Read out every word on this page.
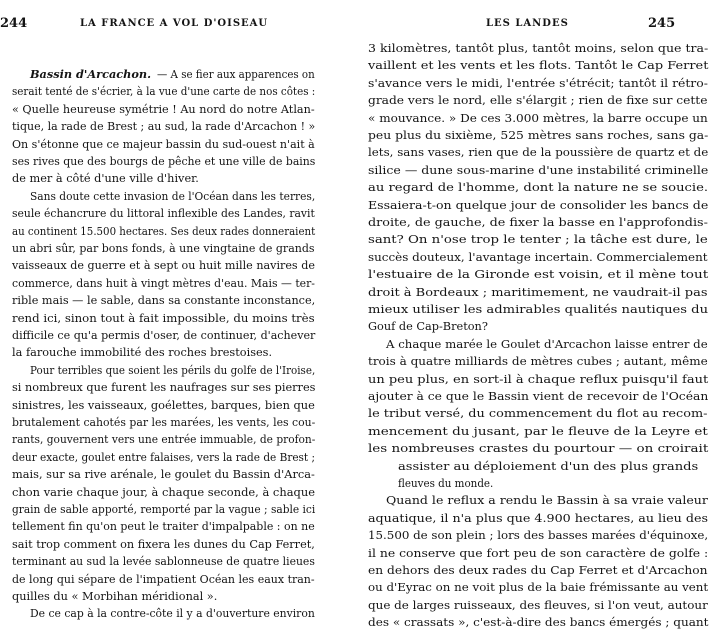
244	LA FRANCE A VOL D'OISEAU
Bassin d'Arcachon. — A se fier aux apparences on
serait tenté de s'écrier, à la vue d'une carte de nos côtes :
« Quelle heureuse symétrie ! Au nord do notre Atlan-
tique, la rade de Brest ; au sud, la rade d'Arcachon ! »
On s'étonne que ce majeur bassin du sud-ouest n'ait à
ses rives que des bourgs de pêche et une ville de bains
de mer à côté d'une ville d'hiver.
Sans doute cette invasion de l'Océan dans les terres,
seule échancrure du littoral inflexible des Landes, ravit
au continent 15.500 hectares. Ses deux rades donneraient
un abri sûr, par bons fonds, à une vingtaine de grands
vaisseaux de guerre et à sept ou huit mille navires de
commerce, dans huit à vingt mètres d'eau. Mais — ter-
rible mais — le sable, dans sa constante inconstance,
rend ici, sinon tout à fait impossible, du moins très
difficile ce qu'a permis d'oser, de continuer, d'achever
la farouche immobilité des roches brestoises.
Pour terribles que soient les périls du golfe de l'Iroise,
si nombreux que furent les naufrages sur ses pierres
sinistres, les vaisseaux, goélettes, barques, bien que
brutalement cahotés par les marées, les vents, les cou-
rants, gouvernent vers une entrée immuable, de profon-
deur exacte, goulet entre falaises, vers la rade de Brest ;
mais, sur sa rive arénale, le goulet du Bassin d'Arca-
chon varie chaque jour, à chaque seconde, à chaque
grain de sable apporté, remporté par la vague ; sable ici
tellement fin qu'on peut le traiter d'impalpable : on ne
sait trop comment on fixera les dunes du Cap Ferret,
terminant au sud la levée sablonneuse de quatre lieues
de long qui sépare de l'impatient Océan les eaux tran-
quilles du « Morbihan méridional ».
De ce cap à la contre-côte il y a d'ouverture environ
LES LANDES	245
3 kilomètres, tantôt plus, tantôt moins, selon que tra-
vaillent et les vents et les flots. Tantôt le Cap Ferret
s'avance vers le midi, l'entrée s'étrécit; tantôt il rétro-
grade vers le nord, elle s'élargit ; rien de fixe sur cette
« mouvance. » De ces 3.000 mètres, la barre occupe un
peu plus du sixième, 525 mètres sans roches, sans ga-
lets, sans vases, rien que de la poussière de quartz et de
silice — dune sous-marine d'une instabilité criminelle
au regard de l'homme, dont la nature ne se soucie.
Essaiera-t-on quelque jour de consolider les bancs de
droite, de gauche, de fixer la basse en l'approfondis-
sant? On n'ose trop le tenter ; la tâche est dure, le
succès douteux, l'avantage incertain. Commercialement
l'estuaire de la Gironde est voisin, et il mène tout
droit à Bordeaux ; maritimement, ne vaudrait-il pas
mieux utiliser les admirables qualités nautiques du
Gouf de Cap-Breton?
A chaque marée le Goulet d'Arcachon laisse entrer de
trois à quatre milliards de mètres cubes ; autant, même
un peu plus, en sort-il à chaque reflux puisqu'il faut
ajouter à ce que le Bassin vient de recevoir de l'Océan
le tribut versé, du commencement du flot au recom-
mencement du jusant, par le fleuve de la Leyre et
les nombreuses crastes du pourtour — on croirait
assister au déploiement d'un des plus grands
fleuves du monde.
Quand le reflux a rendu le Bassin à sa vraie valeur
aquatique, il n'a plus que 4.900 hectares, au lieu des
15.500 de son plein ; lors des basses marées d'équinoxe,
il ne conserve que fort peu de son caractère de golfe :
en dehors des deux rades du Cap Ferret et d'Arcachon
ou d'Eyrac on ne voit plus de la baie frémissante au vent
que de larges ruisseaux, des fleuves, si l'on veut, autour
des « crassats », c'est-à-dire des bancs émergés ; quant
